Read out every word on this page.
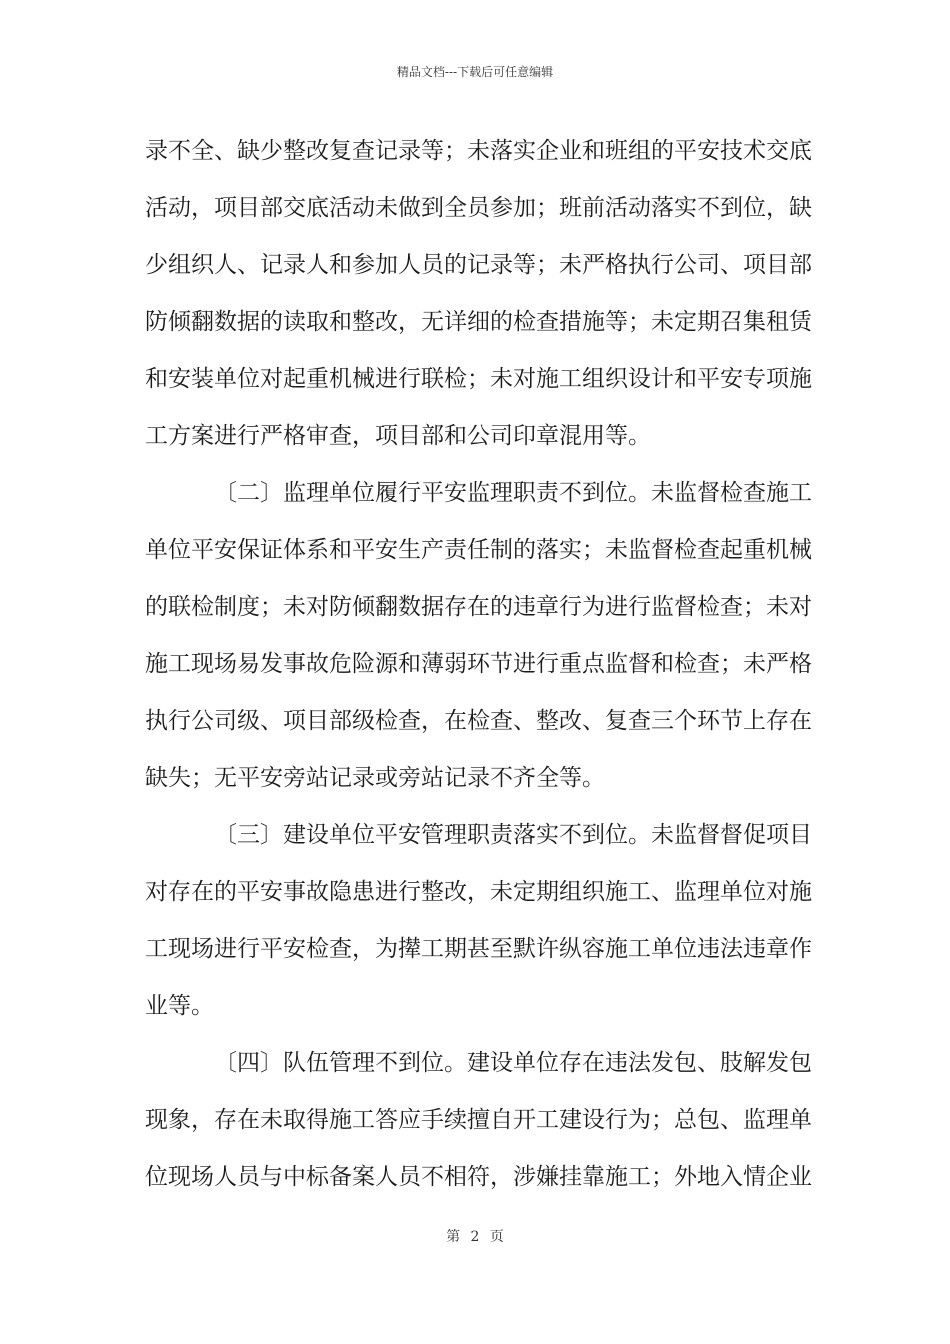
精品文档---下载后可任意编辑
录不全、缺少整改复查记录等；未落实企业和班组的平安技术交底
活动，项目部交底活动未做到全员参加；班前活动落实不到位，缺
少组织人、记录人和参加人员的记录等；未严格执行公司、项目部
防倾翻数据的读取和整改，无详细的检查措施等；未定期召集租赁
和安装单位对起重机械进行联检；未对施工组织设计和平安专项施
工方案进行严格审查，项目部和公司印章混用等。
〔二〕监理单位履行平安监理职责不到位。未监督检查施工
单位平安保证体系和平安生产责任制的落实；未监督检查起重机械
的联检制度；未对防倾翻数据存在的违章行为进行监督检查；未对
施工现场易发事故危险源和薄弱环节进行重点监督和检查；未严格
执行公司级、项目部级检查，在检查、整改、复查三个环节上存在
缺失；无平安旁站记录或旁站记录不齐全等。
〔三〕建设单位平安管理职责落实不到位。未监督督促项目
对存在的平安事故隐患进行整改，未定期组织施工、监理单位对施
工现场进行平安检查，为撵工期甚至默许纵容施工单位违法违章作
业等。
〔四〕队伍管理不到位。建设单位存在违法发包、肢解发包
现象，存在未取得施工答应手续擅自开工建设行为；总包、监理单
位现场人员与中标备案人员不相符，涉嫌挂靠施工；外地入情企业
第 2 页
